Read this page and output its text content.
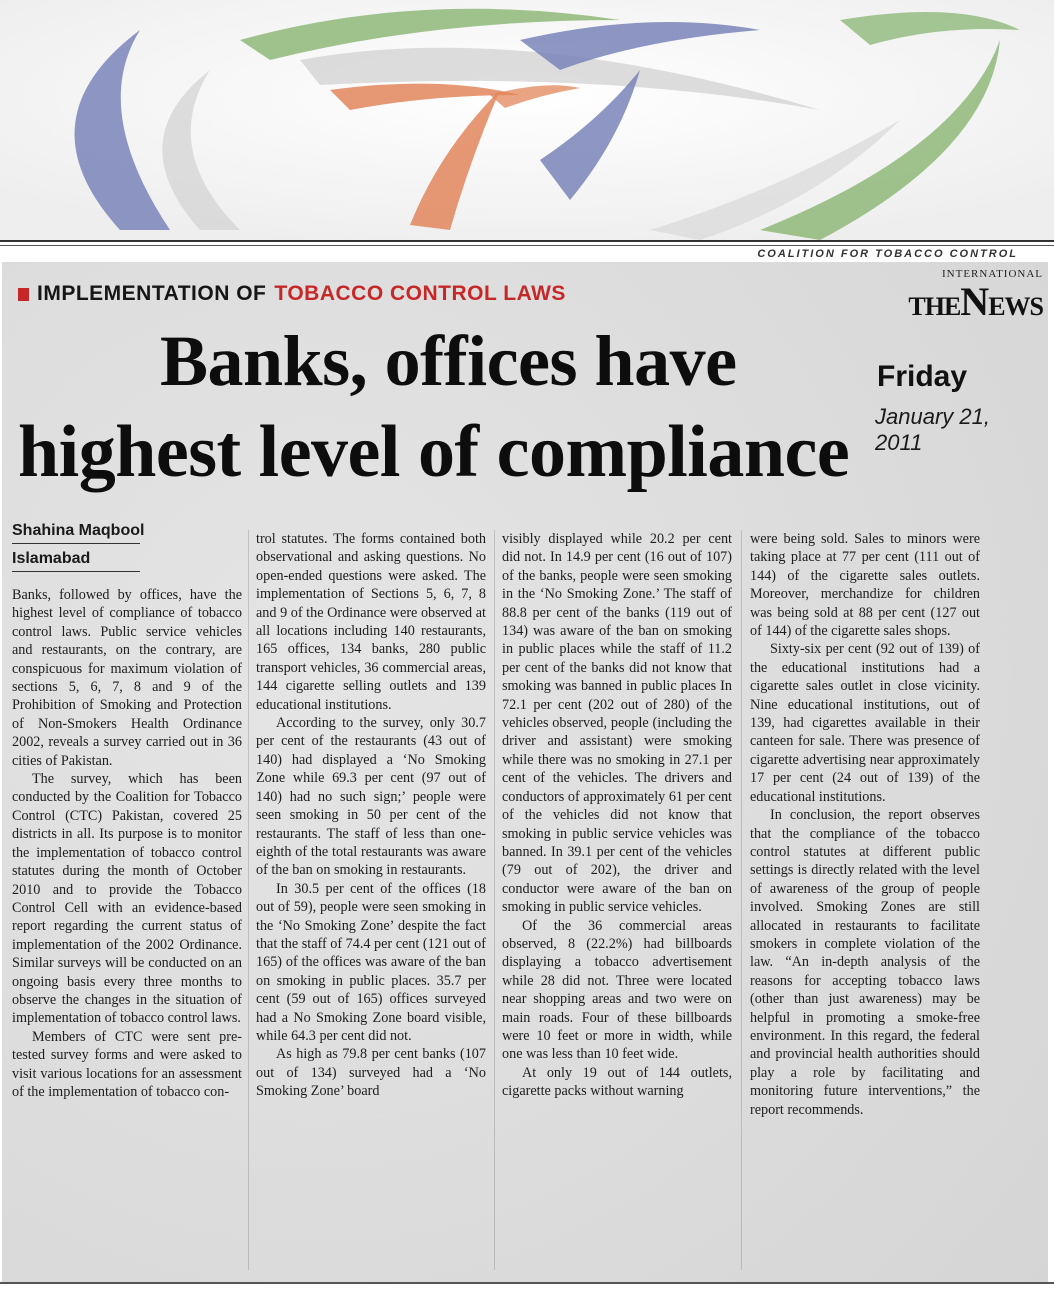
COALITION FOR TOBACCO CONTROL
IMPLEMENTATION OF TOBACCO CONTROL LAWS
INTERNATIONAL
THENEWS
Friday
January 21, 2011
Banks, offices have
highest level of compliance
Shahina Maqbool
Islamabad

Banks, followed by offices, have the highest level of compliance of tobacco control laws. Public service vehicles and restaurants, on the contrary, are conspicuous for maximum violation of sections 5, 6, 7, 8 and 9 of the Prohibition of Smoking and Protection of Non-Smokers Health Ordinance 2002, reveals a survey carried out in 36 cities of Pakistan.

The survey, which has been conducted by the Coalition for Tobacco Control (CTC) Pakistan, covered 25 districts in all. Its purpose is to monitor the implementation of tobacco control statutes during the month of October 2010 and to provide the Tobacco Control Cell with an evidence-based report regarding the current status of implementation of the 2002 Ordinance. Similar surveys will be conducted on an ongoing basis every three months to observe the changes in the situation of implementation of tobacco control laws.

Members of CTC were sent pre-tested survey forms and were asked to visit various locations for an assessment of the implementation of tobacco con-

trol statutes. The forms contained both observational and asking questions. No open-ended questions were asked. The implementation of Sections 5, 6, 7, 8 and 9 of the Ordinance were observed at all locations including 140 restaurants, 165 offices, 134 banks, 280 public transport vehicles, 36 commercial areas, 144 cigarette selling outlets and 139 educational institutions.

According to the survey, only 30.7 per cent of the restaurants (43 out of 140) had displayed a ‘No Smoking Zone while 69.3 per cent (97 out of 140) had no such sign;’ people were seen smoking in 50 per cent of the restaurants. The staff of less than one-eighth of the total restaurants was aware of the ban on smoking in restaurants.

In 30.5 per cent of the offices (18 out of 59), people were seen smoking in the ‘No Smoking Zone’ despite the fact that the staff of 74.4 per cent (121 out of 165) of the offices was aware of the ban on smoking in public places. 35.7 per cent (59 out of 165) offices surveyed had a No Smoking Zone board visible, while 64.3 per cent did not.

As high as 79.8 per cent banks (107 out of 134) surveyed had a ‘No Smoking Zone’ board

visibly displayed while 20.2 per cent did not. In 14.9 per cent (16 out of 107) of the banks, people were seen smoking in the ‘No Smoking Zone.’ The staff of 88.8 per cent of the banks (119 out of 134) was aware of the ban on smoking in public places while the staff of 11.2 per cent of the banks did not know that smoking was banned in public places In 72.1 per cent (202 out of 280) of the vehicles observed, people (including the driver and assistant) were smoking while there was no smoking in 27.1 per cent of the vehicles. The drivers and conductors of approximately 61 per cent of the vehicles did not know that smoking in public service vehicles was banned. In 39.1 per cent of the vehicles (79 out of 202), the driver and conductor were aware of the ban on smoking in public service vehicles.

Of the 36 commercial areas observed, 8 (22.2%) had billboards displaying a tobacco advertisement while 28 did not. Three were located near shopping areas and two were on main roads. Four of these billboards were 10 feet or more in width, while one was less than 10 feet wide.

At only 19 out of 144 outlets, cigarette packs without warning

were being sold. Sales to minors were taking place at 77 per cent (111 out of 144) of the cigarette sales outlets. Moreover, merchandize for children was being sold at 88 per cent (127 out of 144) of the cigarette sales shops.

Sixty-six per cent (92 out of 139) of the educational institutions had a cigarette sales outlet in close vicinity. Nine educational institutions, out of 139, had cigarettes available in their canteen for sale. There was presence of cigarette advertising near approximately 17 per cent (24 out of 139) of the educational institutions.

In conclusion, the report observes that the compliance of the tobacco control statutes at different public settings is directly related with the level of awareness of the group of people involved. Smoking Zones are still allocated in restaurants to facilitate smokers in complete violation of the law. “An in-depth analysis of the reasons for accepting tobacco laws (other than just awareness) may be helpful in promoting a smoke-free environment. In this regard, the federal and provincial health authorities should play a role by facilitating and monitoring future interventions,” the report recommends.
